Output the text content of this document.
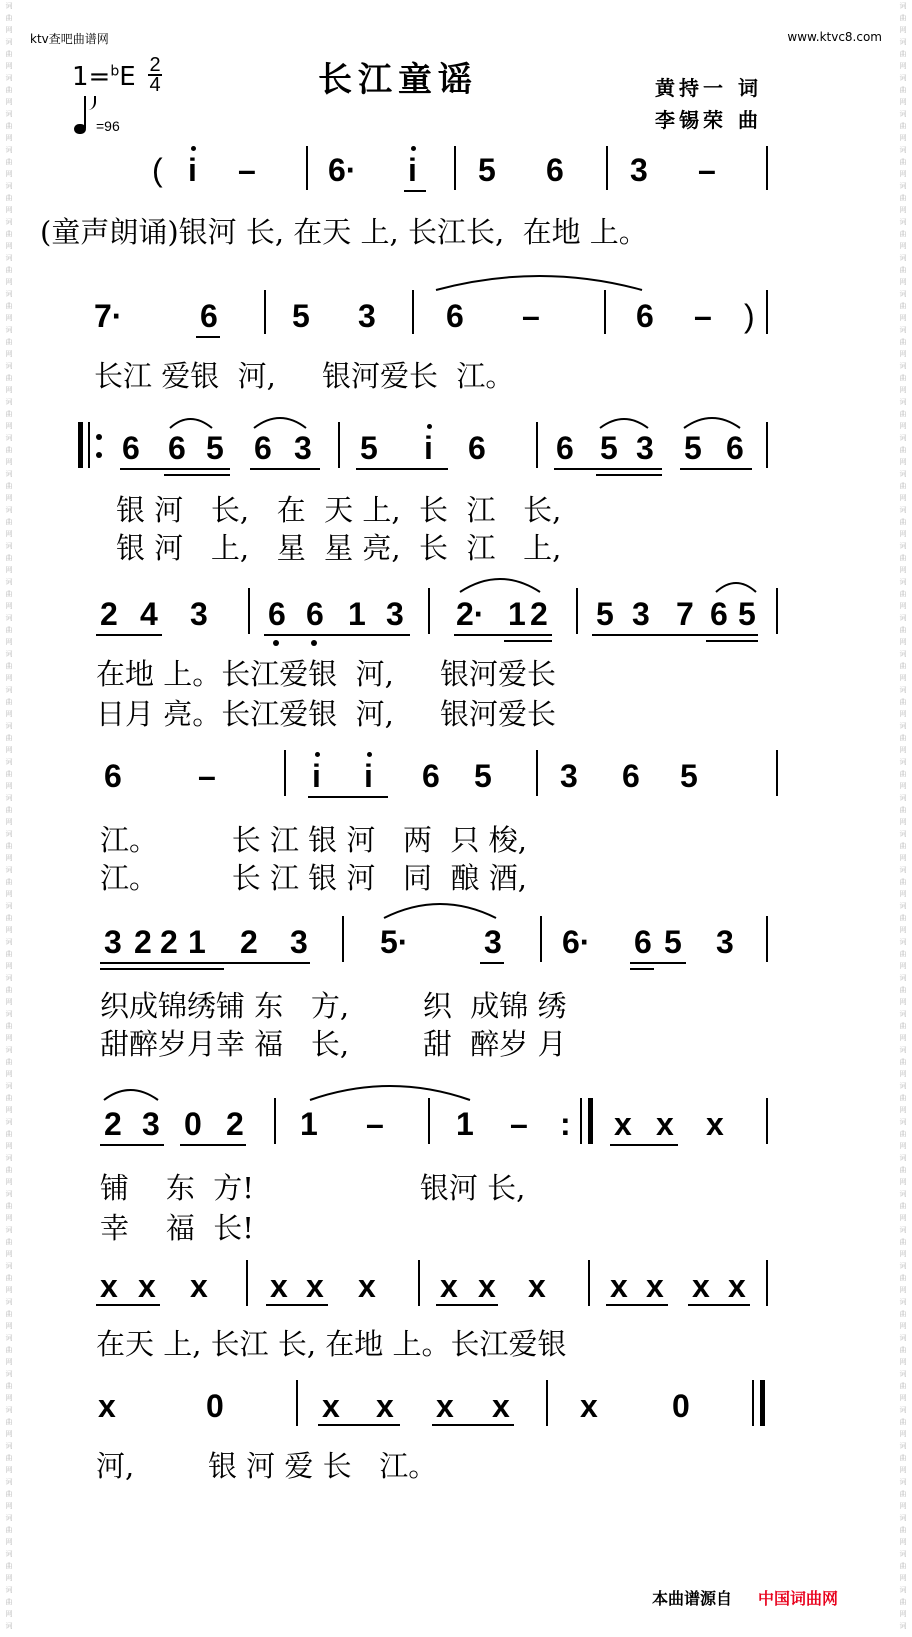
词
曲
网
词
曲
网
词
曲
网
词
曲
网
词
曲
网
词
曲
网
词
曲
网
词
曲
网
词
曲
网
词
曲
网
词
曲
网
词
曲
网
词
曲
网
词
曲
网
词
曲
网
词
曲
网
词
曲
网
词
曲
网
词
曲
网
词
曲
网
词
曲
网
词
曲
网
词
曲
网
词
曲
网
词
曲
网
词
曲
网
词
曲
网
词
曲
网
词
曲
网
词
曲
网
词
曲
网
词
曲
网
词
曲
网
词
曲
网
词
曲
网
词
曲
网
词
曲
网
词
曲
网
词
曲
网
词
曲
网
词
曲
网
词
曲
网
词
曲
网
词
曲
网
词
曲
网
词
词
曲
网
词
曲
网
词
曲
网
词
曲
网
词
曲
网
词
曲
网
词
曲
网
词
曲
网
词
曲
网
词
曲
网
词
曲
网
词
曲
网
词
曲
网
词
曲
网
词
曲
网
词
曲
网
词
曲
网
词
曲
网
词
曲
网
词
曲
网
词
曲
网
词
曲
网
词
曲
网
词
曲
网
词
曲
网
词
曲
网
词
曲
网
词
曲
网
词
曲
网
词
曲
网
词
曲
网
词
曲
网
词
曲
网
词
曲
网
词
曲
网
词
曲
网
词
曲
网
词
曲
网
词
曲
网
词
曲
网
词
曲
网
词
曲
网
词
曲
网
词
曲
网
词
曲
网
词
ktv查吧曲谱网	www.ktvc8.com
长江童谣
1=$^b$E 2
4
=96
黄持一 词
李锡荣 曲
( i – 6· i 5 6 3 –
(童声朗诵)银河 长, 在天 上, 长江长,  在地 上。
7· 6 5 3 6 –	6 – )
长江 爱银  河,     银河爱长  江。
6 6 5 6 3 5 i 6 6 5 3 5 6
银 河   长,   在  天 上,  长  江   长,
银 河   上,   星  星 亮,  长  江   上,
2 4 3 6 6 1 3 2· 1 2 5 3 7 6 5
在地 上。长江爱银  河,     银河爱长
日月 亮。长江爱银  河,     银河爱长
6 –	i i 6 5 3 6 5
江。        长 江 银 河   两  只 梭,
江。        长 江 银 河   同  酿 酒,
3 2 2 1 2 3 5· 3 6· 6 5 3
织成锦绣铺 东   方,        织  成锦 绣
甜醉岁月幸 福   长,        甜  醉岁 月
2 3 0 2 1 – 1 – : x x x
铺    东  方!                  银河 长,
幸    福  长!
x x x x x x x x x x x x x
在天 上, 长江 长, 在地 上。长江爱银
x	0	x x x x x 0
河,        银 河 爱 长   江。
本曲谱源自 中国词曲网
